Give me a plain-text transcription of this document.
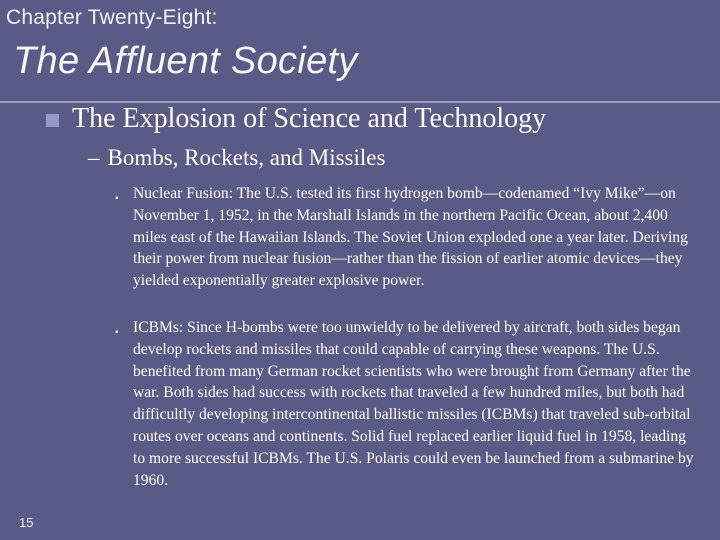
Chapter Twenty-Eight:
The Affluent Society
The Explosion of Science and Technology
– Bombs, Rockets, and Missiles
▪ Nuclear Fusion: The U.S. tested its first hydrogen bomb—codenamed “Ivy Mike”—on November 1, 1952, in the Marshall Islands in the northern Pacific Ocean, about 2,400 miles east of the Hawaiian Islands. The Soviet Union exploded one a year later. Deriving their power from nuclear fusion—rather than the fission of earlier atomic devices—they yielded exponentially greater explosive power.

▪ ICBMs: Since H-bombs were too unwieldy to be delivered by aircraft, both sides began develop rockets and missiles that could capable of carrying these weapons. The U.S. benefited from many German rocket scientists who were brought from Germany after the war. Both sides had success with rockets that traveled a few hundred miles, but both had difficultly developing intercontinental ballistic missiles (ICBMs) that traveled sub-orbital routes over oceans and continents. Solid fuel replaced earlier liquid fuel in 1958, leading to more successful ICBMs. The U.S. Polaris could even be launched from a submarine by 1960.

15
